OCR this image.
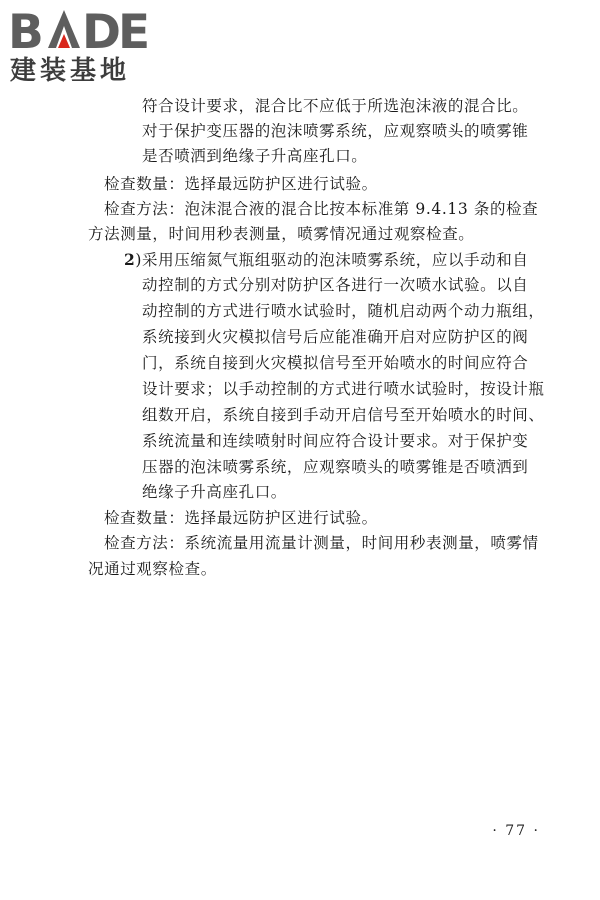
B D
E
建装基地
符合设计要求，混合比不应低于所选泡沫液的混合比。
对于保护变压器的泡沫喷雾系统，应观察喷头的喷雾锥
是否喷洒到绝缘子升高座孔口。
检查数量：选择最远防护区进行试验。
检查方法：泡沫混合液的混合比按本标准第 9.4.13 条的检查
方法测量，时间用秒表测量，喷雾情况通过观察检查。
2)采用压缩氮气瓶组驱动的泡沫喷雾系统，应以手动和自
动控制的方式分别对防护区各进行一次喷水试验。以自
动控制的方式进行喷水试验时，随机启动两个动力瓶组，
系统接到火灾模拟信号后应能准确开启对应防护区的阀
门，系统自接到火灾模拟信号至开始喷水的时间应符合
设计要求；以手动控制的方式进行喷水试验时，按设计瓶
组数开启，系统自接到手动开启信号至开始喷水的时间、
系统流量和连续喷射时间应符合设计要求。对于保护变
压器的泡沫喷雾系统，应观察喷头的喷雾锥是否喷洒到
绝缘子升高座孔口。
检查数量：选择最远防护区进行试验。
检查方法：系统流量用流量计测量，时间用秒表测量，喷雾情
况通过观察检查。
· 77 ·
